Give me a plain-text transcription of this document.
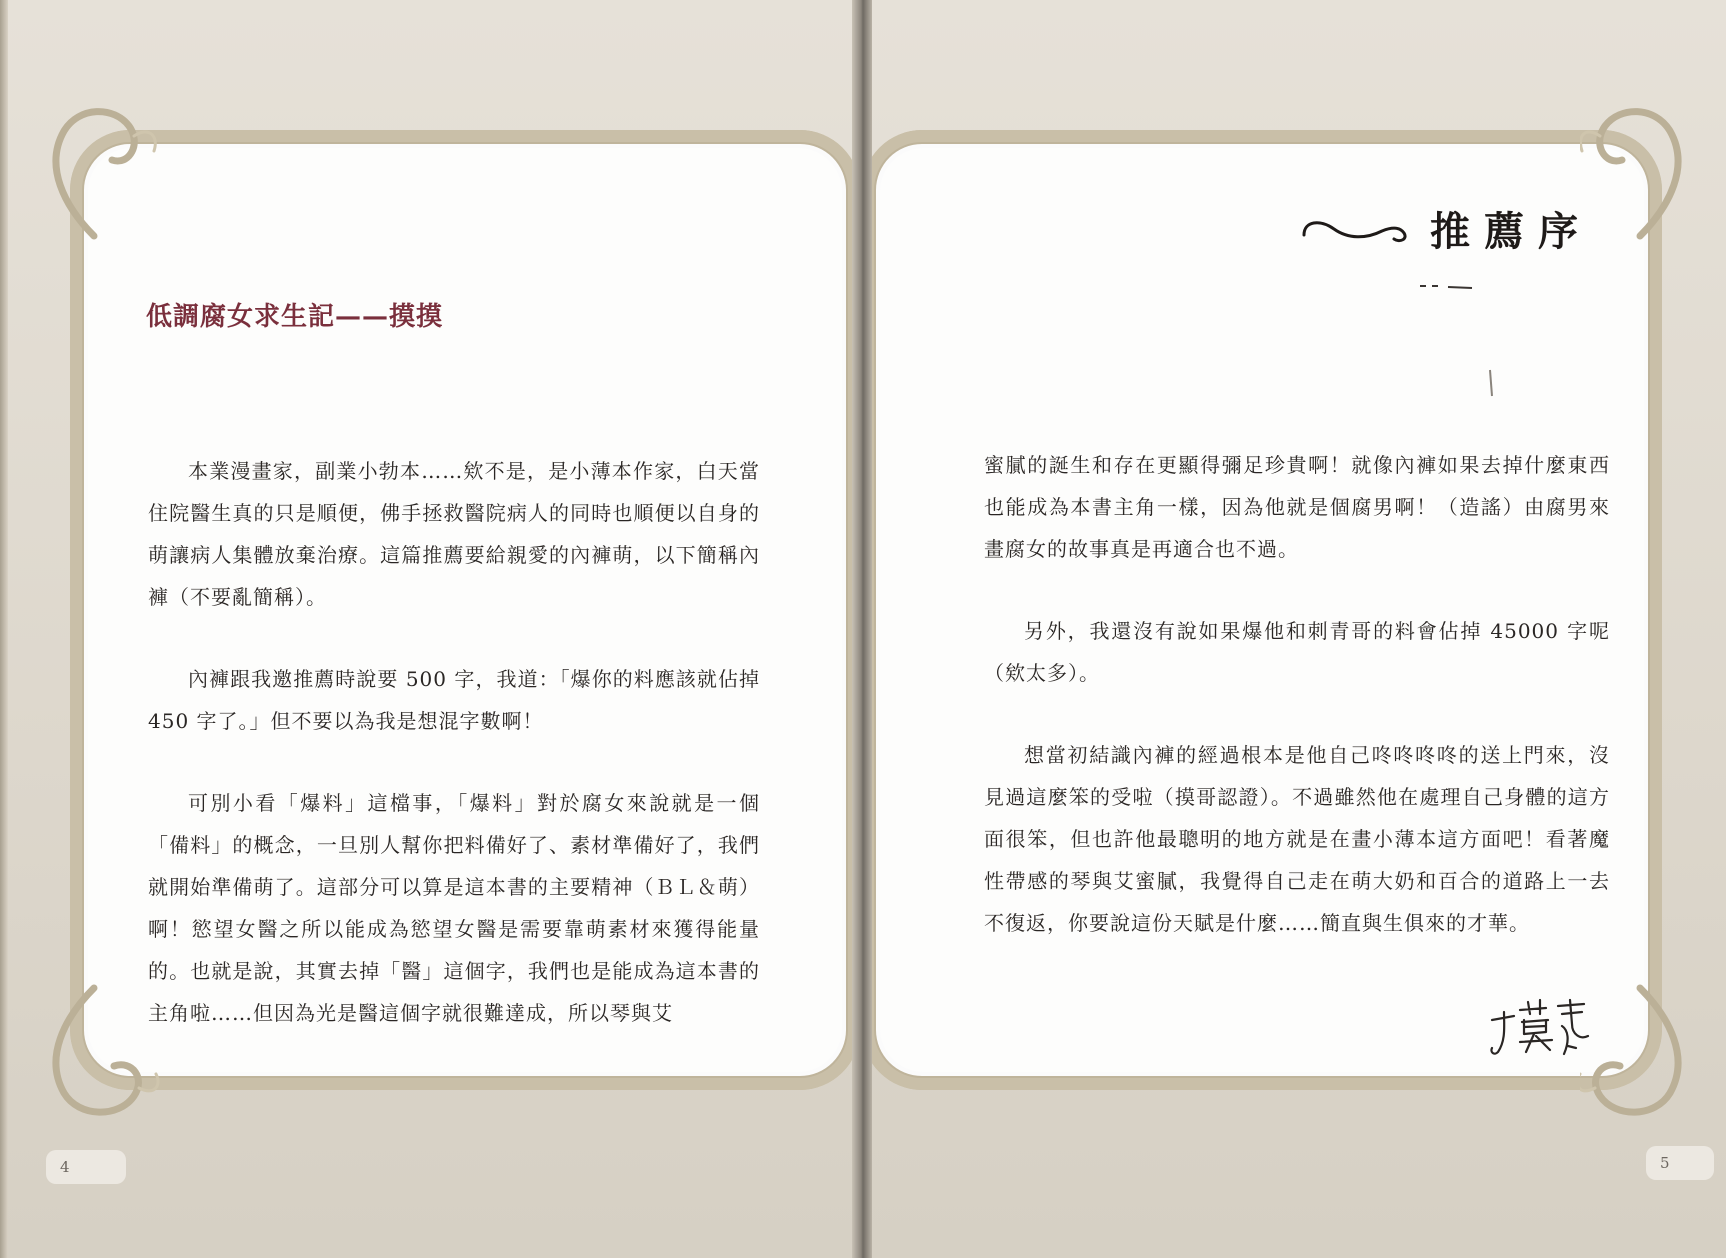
低調腐女求生記——摸摸

本業漫畫家，副業小勃本……欸不是，是小薄本作家，白天當住院醫生真的只是順便，佛手拯救醫院病人的同時也順便以自身的萌讓病人集體放棄治療。這篇推薦要給親愛的內褲萌，以下簡稱內褲（不要亂簡稱）。

內褲跟我邀推薦時說要 500 字，我道：「爆你的料應該就佔掉 450 字了。」但不要以為我是想混字數啊！

可別小看「爆料」這檔事，「爆料」對於腐女來說就是一個「備料」的概念，一旦別人幫你把料備好了、素材準備好了，我們就開始準備萌了。這部分可以算是這本書的主要精神（ＢＬ＆萌）啊！慾望女醫之所以能成為慾望女醫是需要靠萌素材來獲得能量的。也就是說，其實去掉「醫」這個字，我們也是能成為這本書的主角啦……但因為光是醫這個字就很難達成，所以琴與艾

推薦序

蜜膩的誕生和存在更顯得彌足珍貴啊！就像內褲如果去掉什麼東西也能成為本書主角一樣，因為他就是個腐男啊！（造謠）由腐男來畫腐女的故事真是再適合也不過。

另外，我還沒有說如果爆他和刺青哥的料會佔掉 45000 字呢（欸太多）。

想當初結識內褲的經過根本是他自己咚咚咚咚的送上門來，沒見過這麼笨的受啦（摸哥認證）。不過雖然他在處理自己身體的這方面很笨，但也許他最聰明的地方就是在畫小薄本這方面吧！看著魔性帶感的琴與艾蜜膩，我覺得自己走在萌大奶和百合的道路上一去不復返，你要說這份天賦是什麼……簡直與生俱來的才華。

4	5
